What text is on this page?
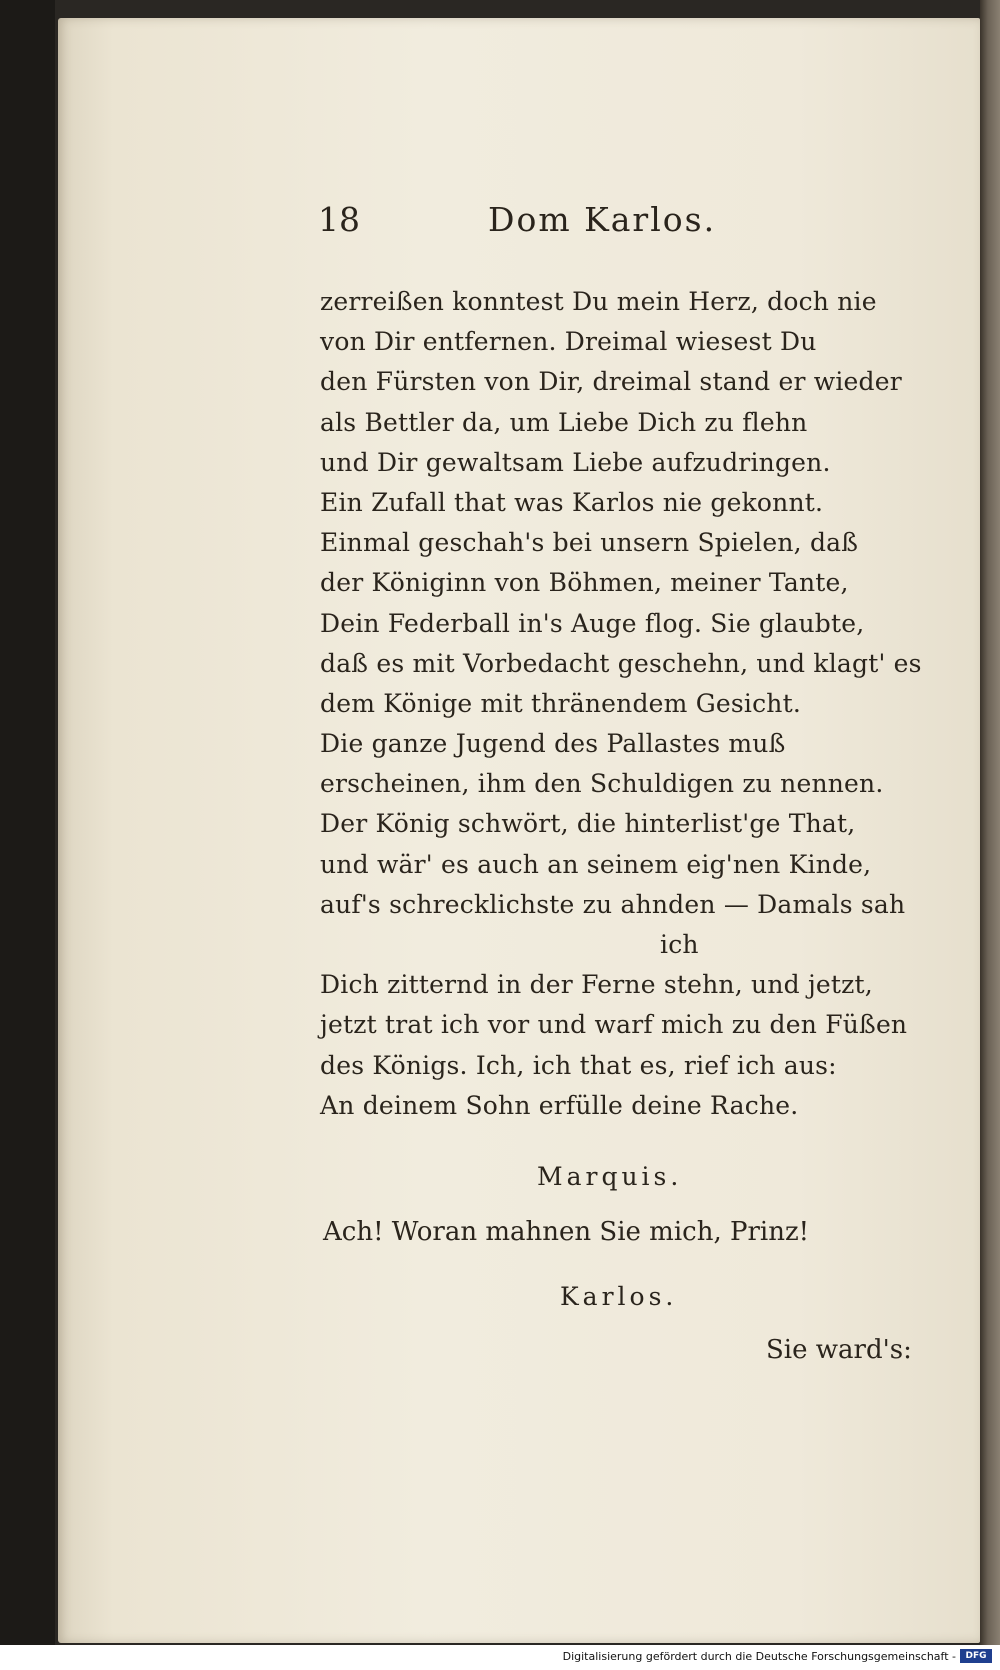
18	Dom Karlos.
zerreißen konntest Du mein Herz, doch nie
von Dir entfernen. Dreimal wiesest Du
den Fürsten von Dir, dreimal stand er wieder
als Bettler da, um Liebe Dich zu flehn
und Dir gewaltsam Liebe aufzudringen.
Ein Zufall that was Karlos nie gekonnt.
Einmal geschah's bei unsern Spielen, daß
der Königinn von Böhmen, meiner Tante,
Dein Federball in's Auge flog. Sie glaubte,
daß es mit Vorbedacht geschehn, und klagt' es
dem Könige mit thränendem Gesicht.
Die ganze Jugend des Pallastes muß
erscheinen, ihm den Schuldigen zu nennen.
Der König schwört, die hinterlist'ge That,
und wär' es auch an seinem eig'nen Kinde,
auf's schrecklichste zu ahnden — Damals sah
ich
Dich zitternd in der Ferne stehn, und jetzt,
jetzt trat ich vor und warf mich zu den Füßen
des Königs. Ich, ich that es, rief ich aus:
An deinem Sohn erfülle deine Rache.
Marquis.
Ach! Woran mahnen Sie mich, Prinz!
Karlos.
Sie ward's:
Digitalisierung gefördert durch die Deutsche Forschungsgemeinschaft -	DFG
